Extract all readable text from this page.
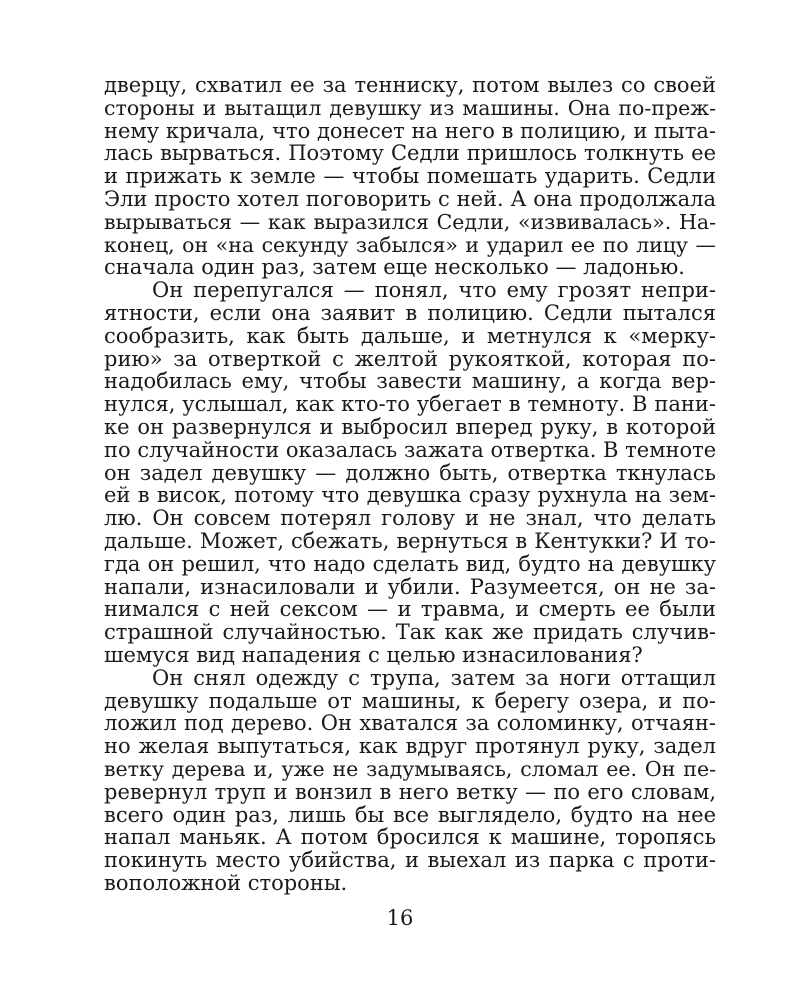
дверцу, схватил ее за тенниску, потом вылез со своей
стороны и вытащил девушку из машины. Она по-преж-
нему кричала, что донесет на него в полицию, и пыта-
лась вырваться. Поэтому Седли пришлось толкнуть ее
и прижать к земле — чтобы помешать ударить. Седли
Эли просто хотел поговорить с ней. А она продолжала
вырываться — как выразился Седли, «извивалась». На-
конец, он «на секунду забылся» и ударил ее по лицу —
сначала один раз, затем еще несколько — ладонью.
Он перепугался — понял, что ему грозят непри-
ятности, если она заявит в полицию. Седли пытался
сообразить, как быть дальше, и метнулся к «мерку-
рию» за отверткой с желтой рукояткой, которая по-
надобилась ему, чтобы завести машину, а когда вер-
нулся, услышал, как кто-то убегает в темноту. В пани-
ке он развернулся и выбросил вперед руку, в которой
по случайности оказалась зажата отвертка. В темноте
он задел девушку — должно быть, отвертка ткнулась
ей в висок, потому что девушка сразу рухнула на зем-
лю. Он совсем потерял голову и не знал, что делать
дальше. Может, сбежать, вернуться в Кентукки? И то-
гда он решил, что надо сделать вид, будто на девушку
напали, изнасиловали и убили. Разумеется, он не за-
нимался с ней сексом — и травма, и смерть ее были
страшной случайностью. Так как же придать случив-
шемуся вид нападения с целью изнасилования?
Он снял одежду с трупа, затем за ноги оттащил
девушку подальше от машины, к берегу озера, и по-
ложил под дерево. Он хватался за соломинку, отчаян-
но желая выпутаться, как вдруг протянул руку, задел
ветку дерева и, уже не задумываясь, сломал ее. Он пе-
ревернул труп и вонзил в него ветку — по его словам,
всего один раз, лишь бы все выглядело, будто на нее
напал маньяк. А потом бросился к машине, торопясь
покинуть место убийства, и выехал из парка с проти-
воположной стороны.
16
